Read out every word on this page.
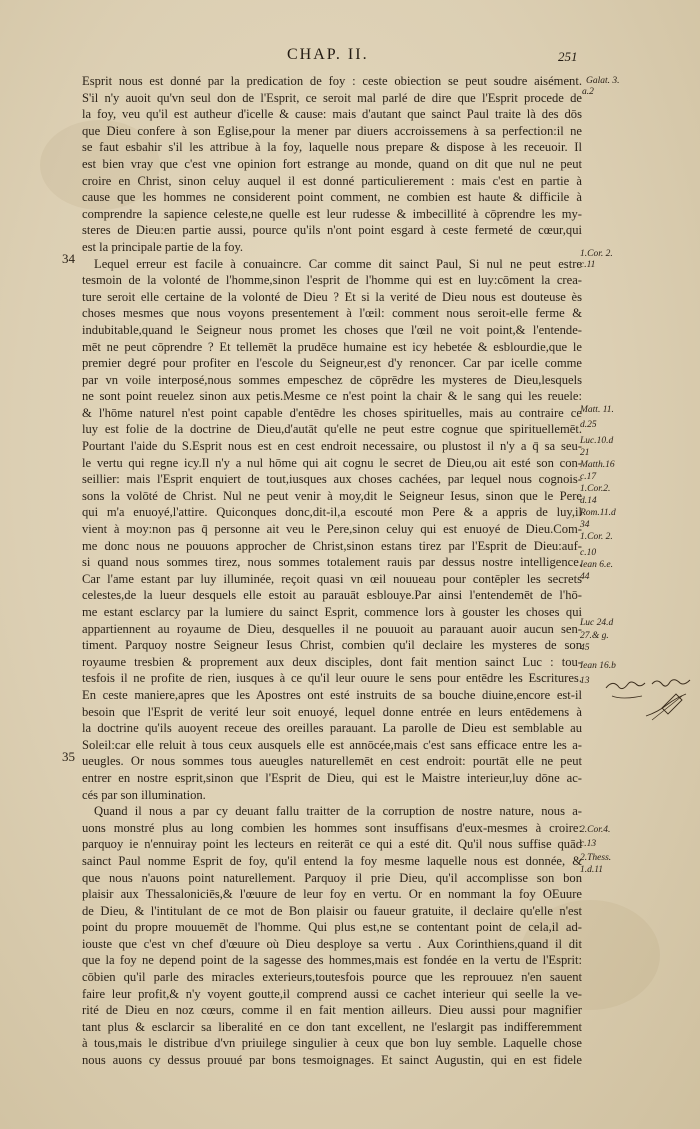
CHAP. II.	251
34
35
Esprit nous est donné par la predication de foy : ceste obiection se peut soudre aisément.
S'il n'y auoit qu'vn seul don de l'Esprit, ce seroit mal parlé de dire que l'Esprit procede de
la foy, veu qu'il est autheur d'icelle & cause: mais d'autant que sainct Paul traite là des dōs
que Dieu confere à son Eglise,pour la mener par diuers accroissemens à sa perfection:il ne
se faut esbahir s'il les attribue à la foy, laquelle nous prepare & dispose à les receuoir. Il
est bien vray que c'est vne opinion fort estrange au monde, quand on dit que nul ne peut
croire en Christ, sinon celuy auquel il est donné particulierement : mais c'est en partie à
cause que les hommes ne considerent point comment, ne combien est haute & difficile à
comprendre la sapience celeste,ne quelle est leur rudesse & imbecillité à cōprendre les my-
steres de Dieu:en partie aussi, pource qu'ils n'ont point esgard à ceste fermeté de cœur,qui
est la principale partie de la foy.
Lequel erreur est facile à conuaincre. Car comme dit sainct Paul, Si nul ne peut estre
tesmoin de la volonté de l'homme,sinon l'esprit de l'homme qui est en luy:cōment la crea-
ture seroit elle certaine de la volonté de Dieu ? Et si la verité de Dieu nous est douteuse ès
choses mesmes que nous voyons presentement à l'œil: comment nous seroit-elle ferme &
indubitable,quand le Seigneur nous promet les choses que l'œil ne voit point,& l'entende-
mēt ne peut cōprendre ? Et tellemēt la prudēce humaine est icy hebetée & esblourdie,que le
premier degré pour profiter en l'escole du Seigneur,est d'y renoncer. Car par icelle comme
par vn voile interposé,nous sommes empeschez de cōprēdre les mysteres de Dieu,lesquels
ne sont point reuelez sinon aux petis.Mesme ce n'est point la chair & le sang qui les reuele:
& l'hōme naturel n'est point capable d'entēdre les choses spirituelles, mais au contraire ce
luy est folie de la doctrine de Dieu,d'autāt qu'elle ne peut estre cognue que spirituellemēt.
Pourtant l'aide du S.Esprit nous est en cest endroit necessaire, ou plustost il n'y a q̄ sa seu-
le vertu qui regne icy.Il n'y a nul hōme qui ait cognu le secret de Dieu,ou ait esté son con-
seillier: mais l'Esprit enquiert de tout,iusques aux choses cachées, par lequel nous cognois-
sons la volōté de Christ. Nul ne peut venir à moy,dit le Seigneur Iesus, sinon que le Pere
qui m'a enuoyé,l'attire. Quiconques donc,dit-il,a escouté mon Pere & a appris de luy,il
vient à moy:non pas q̄ personne ait veu le Pere,sinon celuy qui est enuoyé de Dieu.Com-
me donc nous ne pouuons approcher de Christ,sinon estans tirez par l'Esprit de Dieu:auf-
si quand nous sommes tirez, nous sommes totalement rauis par dessus nostre intelligence.
Car l'ame estant par luy illuminée, reçoit quasi vn œil nouueau pour contēpler les secrets
celestes,de la lueur desquels elle estoit au parauāt esblouye.Par ainsi l'entendemēt de l'hō-
me estant esclarcy par la lumiere du sainct Esprit, commence lors à gouster les choses qui
appartiennent au royaume de Dieu, desquelles il ne pouuoit au parauant auoir aucun sen-
timent. Parquoy nostre Seigneur Iesus Christ, combien qu'il declaire les mysteres de son
royaume tresbien & proprement aux deux disciples, dont fait mention sainct Luc : tou-
tesfois il ne profite de rien, iusques à ce qu'il leur ouure le sens pour entēdre les Escritures.
En ceste maniere,apres que les Apostres ont esté instruits de sa bouche diuine,encore est-il
besoin que l'Esprit de verité leur soit enuoyé, lequel donne entrée en leurs entēdemens à
la doctrine qu'ils auoyent receue des oreilles parauant. La parolle de Dieu est semblable au
Soleil:car elle reluit à tous ceux ausquels elle est annōcée,mais c'est sans efficace entre les a-
ueugles. Or nous sommes tous aueugles naturellemēt en cest endroit: pourtāt elle ne peut
entrer en nostre esprit,sinon que l'Esprit de Dieu, qui est le Maistre interieur,luy dōne ac-
cés par son illumination.
Quand il nous a par cy deuant fallu traitter de la corruption de nostre nature, nous a-
uons monstré plus au long combien les hommes sont insuffisans d'eux-mesmes à croire:
parquoy ie n'ennuiray point les lecteurs en reiterāt ce qui a esté dit. Qu'il nous suffise quād
sainct Paul nomme Esprit de foy, qu'il entend la foy mesme laquelle nous est donnée, &
que nous n'auons point naturellement. Parquoy il prie Dieu, qu'il accomplisse son bon
plaisir aux Thessaloniciēs,& l'œuure de leur foy en vertu. Or en nommant la foy OEuure
de Dieu, & l'intitulant de ce mot de Bon plaisir ou faueur gratuite, il declaire qu'elle n'est
point du propre mouuemēt de l'homme. Qui plus est,ne se contentant point de cela,il ad-
iouste que c'est vn chef d'œuure où Dieu desploye sa vertu . Aux Corinthiens,quand il dit
que la foy ne depend point de la sagesse des hommes,mais est fondée en la vertu de l'Esprit:
cōbien qu'il parle des miracles exterieurs,toutesfois pource que les reprouuez n'en sauent
faire leur profit,& n'y voyent goutte,il comprend aussi ce cachet interieur qui seelle la ve-
rité de Dieu en noz cœurs, comme il en fait mention ailleurs. Dieu aussi pour magnifier
tant plus & esclarcir sa liberalité en ce don tant excellent, ne l'eslargit pas indifferemment
à tous,mais le distribue d'vn priuilege singulier à ceux que bon luy semble. Laquelle chose
nous auons cy dessus prouué par bons tesmoignages. Et sainct Augustin, qui en est fidele
Galat. 3.
a.2
1.Cor. 2.
c.11
Matt. 11.
d.25
Luc.10.d
21
Matth.16
c.17
1.Cor.2.
d.14
Rom.11.d
34
1.Cor. 2.
c.10
Iean 6.e.
44
Luc 24.d
27.& g.
45
Iean 16.b
13
2.Cor.4.
c.13
2.Thess.
1.d.11
